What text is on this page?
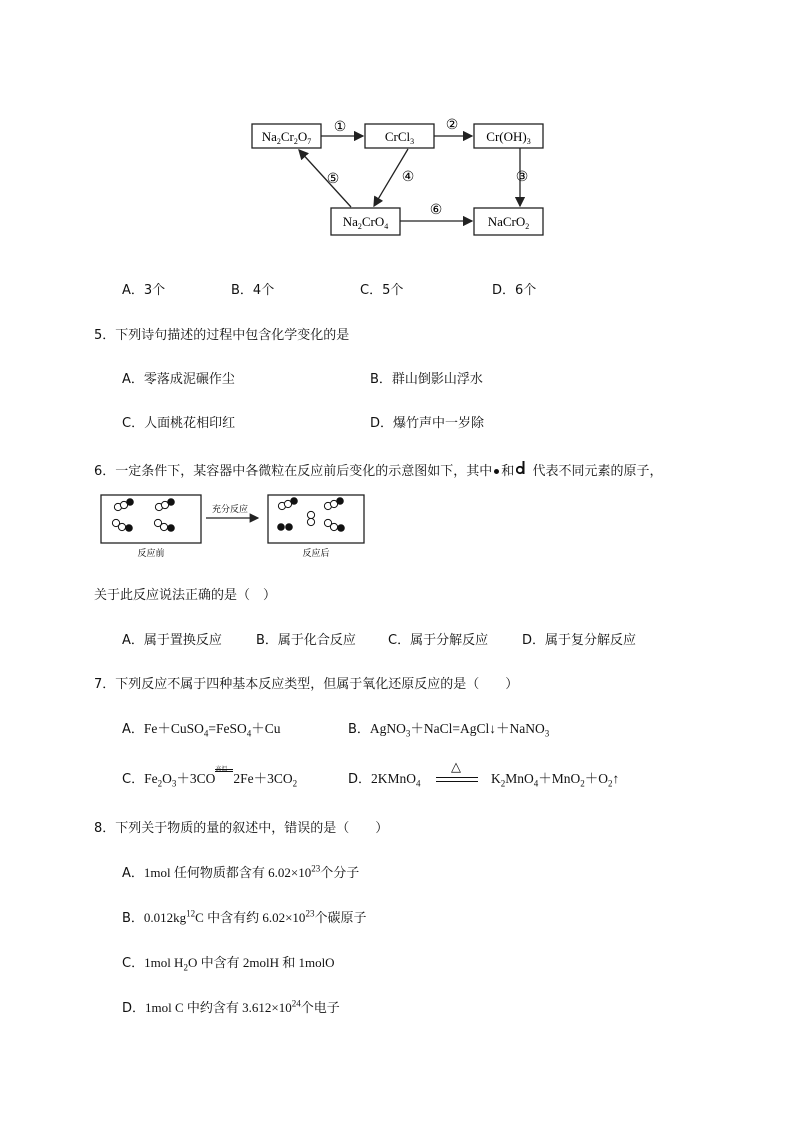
$Na_2Cr_2O_7$	CrCl$_3$	$Cr(OH)_3$
$Na_2CrO_4$	NaCrO$_2$
①	②
③
④
⑤
⑥
A．3个	B．4个	C．5个	D．6个
5．下列诗句描述的过程中包含化学变化的是
A．零落成泥碾作尘	B．群山倒影山浮水
C．人面桃花相印红	D．爆竹声中一岁除
6．一定条件下，某容器中各微粒在反应前后变化的示意图如下，其中 和 代表不同元素的原子，
反应前
充分反应
反应后
关于此反应说法正确的是（　）
A．属于置换反应	B．属于化合反应 C．属于分解反应	D．属于复分解反应
7．下列反应不属于四种基本反应类型，但属于氧化还原反应的是（　　）
A．Fe＋CuSO$_4$=FeSO$_4$＋Cu	B．AgNO$_3$＋NaCl=AgCl↓＋NaNO$_3$
C．$Fe_2O_3+3CO$
高温
$2Fe+3CO_2$	D．2KMnO$_4$
△
$K_2MnO_4+MnO_2+O_2↑$
8．下列关于物质的量的叙述中，错误的是（　　）
A．1mol 任何物质都含有 $6.02\times 10^{23}$个分子
B．$0.012kg^{12}C$ 中含有约 $6.02\times 10^{23}$个碳原子
C．1mol $H_2O$ 中含有 2molH 和 1molO
D．1mol C 中约含有 $3.612\times 10^{24}$个电子
